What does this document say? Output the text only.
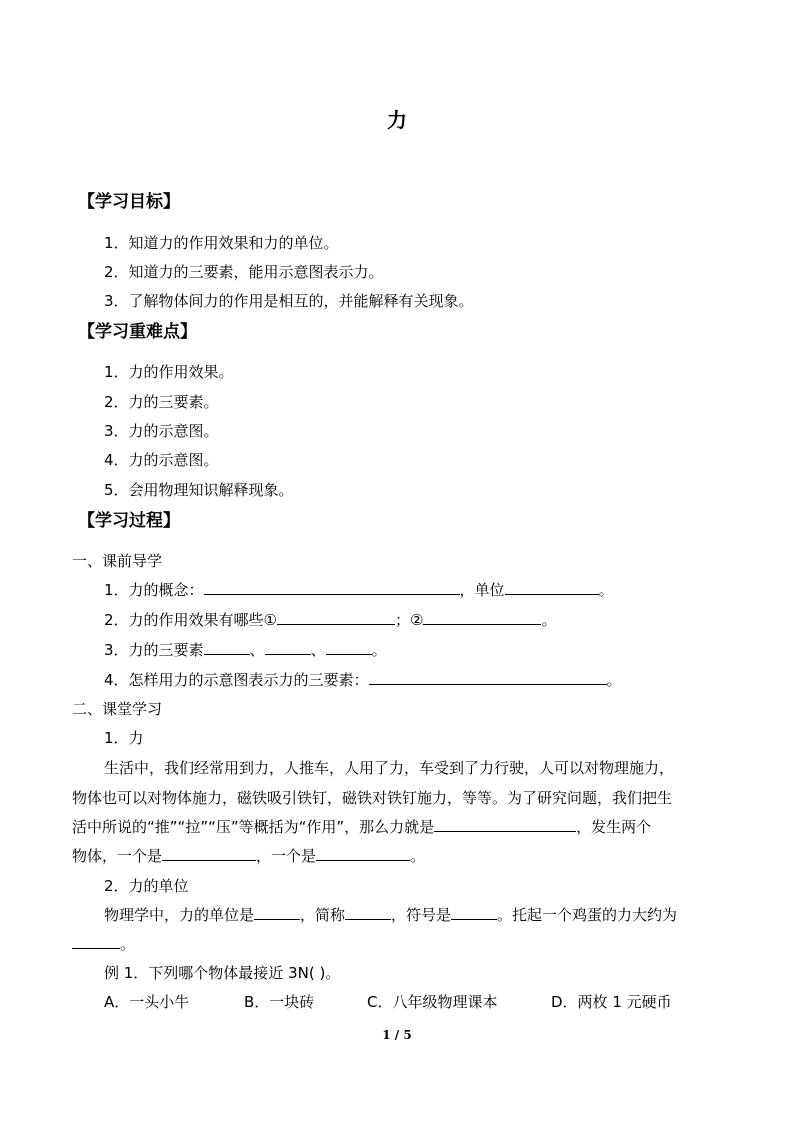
力
【学习目标】
1．知道力的作用效果和力的单位。
2．知道力的三要素，能用示意图表示力。
3．了解物体间力的作用是相互的，并能解释有关现象。
【学习重难点】
1．力的作用效果。
2．力的三要素。
3．力的示意图。
4．力的示意图。
5．会用物理知识解释现象。
【学习过程】
一、课前导学
1．力的概念：	，单位	。
2．力的作用效果有哪些①	；②	。
3．力的三要素	、	、	。
4．怎样用力的示意图表示力的三要素：	。
二、课堂学习
1．力
生活中，我们经常用到力，人推车，人用了力，车受到了力行驶，人可以对物理施力，
物体也可以对物体施力，磁铁吸引铁钉，磁铁对铁钉施力，等等。为了研究问题，我们把生
活中所说的“推”“拉”“压”等概括为“作用”，那么力就是	，发生两个
物体，一个是	，一个是	。
2．力的单位
物理学中，力的单位是	，简称	，符号是	。托起一个鸡蛋的力大约为
。
例 1．下列哪个物体最接近 3N( )。
A．一头小牛	B．一块砖	C．八年级物理课本	D．两枚 1 元硬币
1 / 5
